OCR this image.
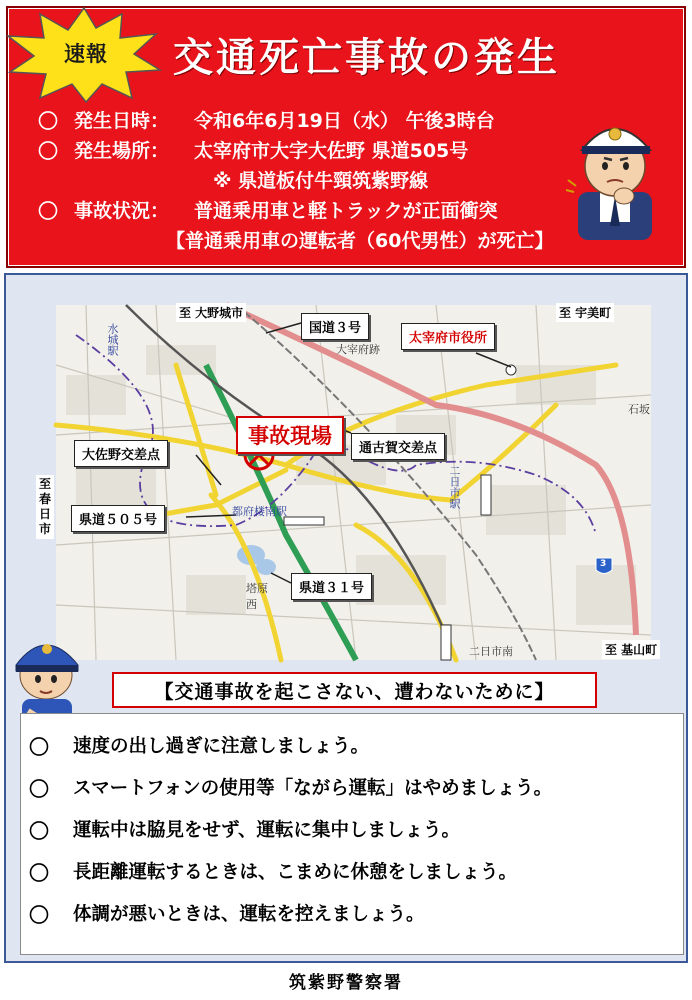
速報	交通死亡事故の発生
〇 発生日時：	令和6年6月19日（水） 午後3時台
〇 発生場所：	太宰府市大字大佐野 県道505号
※ 県道板付牛頸筑紫野線
〇 事故状況：	普通乗用車と軽トラックが正面衝突
【普通乗用車の運転者（60代男性）が死亡】
至 大野城市	至 宇美町
至 基山町
国道３号
太宰府市役所
大佐野交差点	通古賀交差点
県道５０５号
県道３１号
水城駅	大宰府跡
都府楼南駅
二日市駅
石坂
塔原西
二日市南
3
事故現場
至
春
日
市
【交通事故を起こさない、遭わないために】
〇	速度の出し過ぎに注意しましょう。
〇	スマートフォンの使用等「ながら運転」はやめましょう。
〇	運転中は脇見をせず、運転に集中しましょう。
〇	長距離運転するときは、こまめに休憩をしましょう。
〇	体調が悪いときは、運転を控えましょう。
筑紫野警察署
